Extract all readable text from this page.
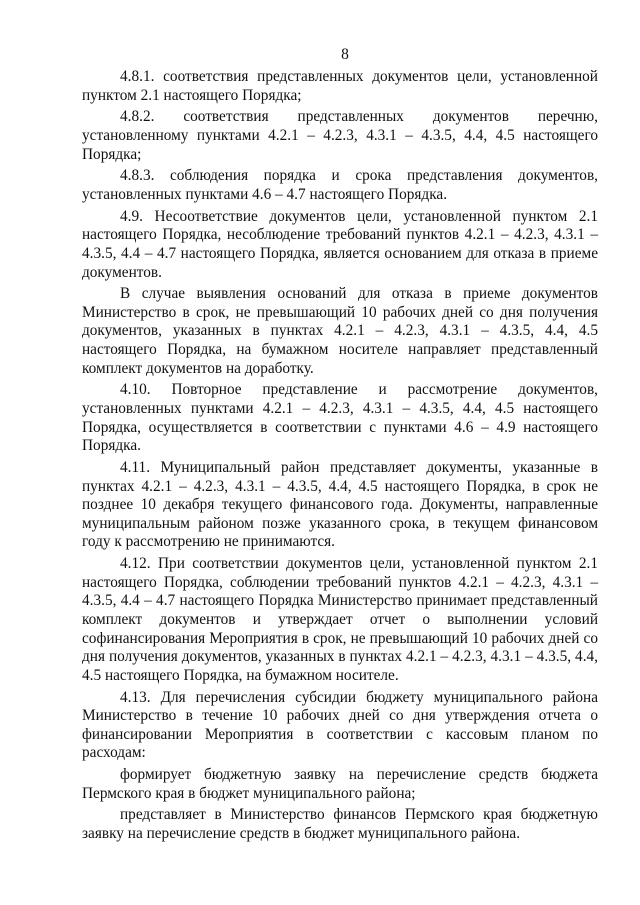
8

4.8.1. соответствия представленных документов цели, установленной пунктом 2.1 настоящего Порядка;

4.8.2. соответствия представленных документов перечню, установленному пунктами 4.2.1 – 4.2.3, 4.3.1 – 4.3.5, 4.4, 4.5 настоящего Порядка;

4.8.3. соблюдения порядка и срока представления документов, установленных пунктами 4.6 – 4.7 настоящего Порядка.

4.9. Несоответствие документов цели, установленной пунктом 2.1 настоящего Порядка, несоблюдение требований пунктов 4.2.1 – 4.2.3, 4.3.1 – 4.3.5, 4.4 – 4.7 настоящего Порядка, является основанием для отказа в приеме документов.

В случае выявления оснований для отказа в приеме документов Министерство в срок, не превышающий 10 рабочих дней со дня получения документов, указанных в пунктах 4.2.1 – 4.2.3, 4.3.1 – 4.3.5, 4.4, 4.5 настоящего Порядка, на бумажном носителе направляет представленный комплект документов на доработку.

4.10. Повторное представление и рассмотрение документов, установленных пунктами 4.2.1 – 4.2.3, 4.3.1 – 4.3.5, 4.4, 4.5 настоящего Порядка, осуществляется в соответствии с пунктами 4.6 – 4.9 настоящего Порядка.

4.11. Муниципальный район представляет документы, указанные в пунктах 4.2.1 – 4.2.3, 4.3.1 – 4.3.5, 4.4, 4.5 настоящего Порядка, в срок не позднее 10 декабря текущего финансового года. Документы, направленные муниципальным районом позже указанного срока, в текущем финансовом году к рассмотрению не принимаются.

4.12. При соответствии документов цели, установленной пунктом 2.1 настоящего Порядка, соблюдении требований пунктов 4.2.1 – 4.2.3, 4.3.1 – 4.3.5, 4.4 – 4.7 настоящего Порядка Министерство принимает представленный комплект документов и утверждает отчет о выполнении условий софинансирования Мероприятия в срок, не превышающий 10 рабочих дней со дня получения документов, указанных в пунктах 4.2.1 – 4.2.3, 4.3.1 – 4.3.5, 4.4, 4.5 настоящего Порядка, на бумажном носителе.

4.13. Для перечисления субсидии бюджету муниципального района Министерство в течение 10 рабочих дней со дня утверждения отчета о финансировании Мероприятия в соответствии с кассовым планом по расходам:

формирует бюджетную заявку на перечисление средств бюджета Пермского края в бюджет муниципального района;

представляет в Министерство финансов Пермского края бюджетную заявку на перечисление средств в бюджет муниципального района.
